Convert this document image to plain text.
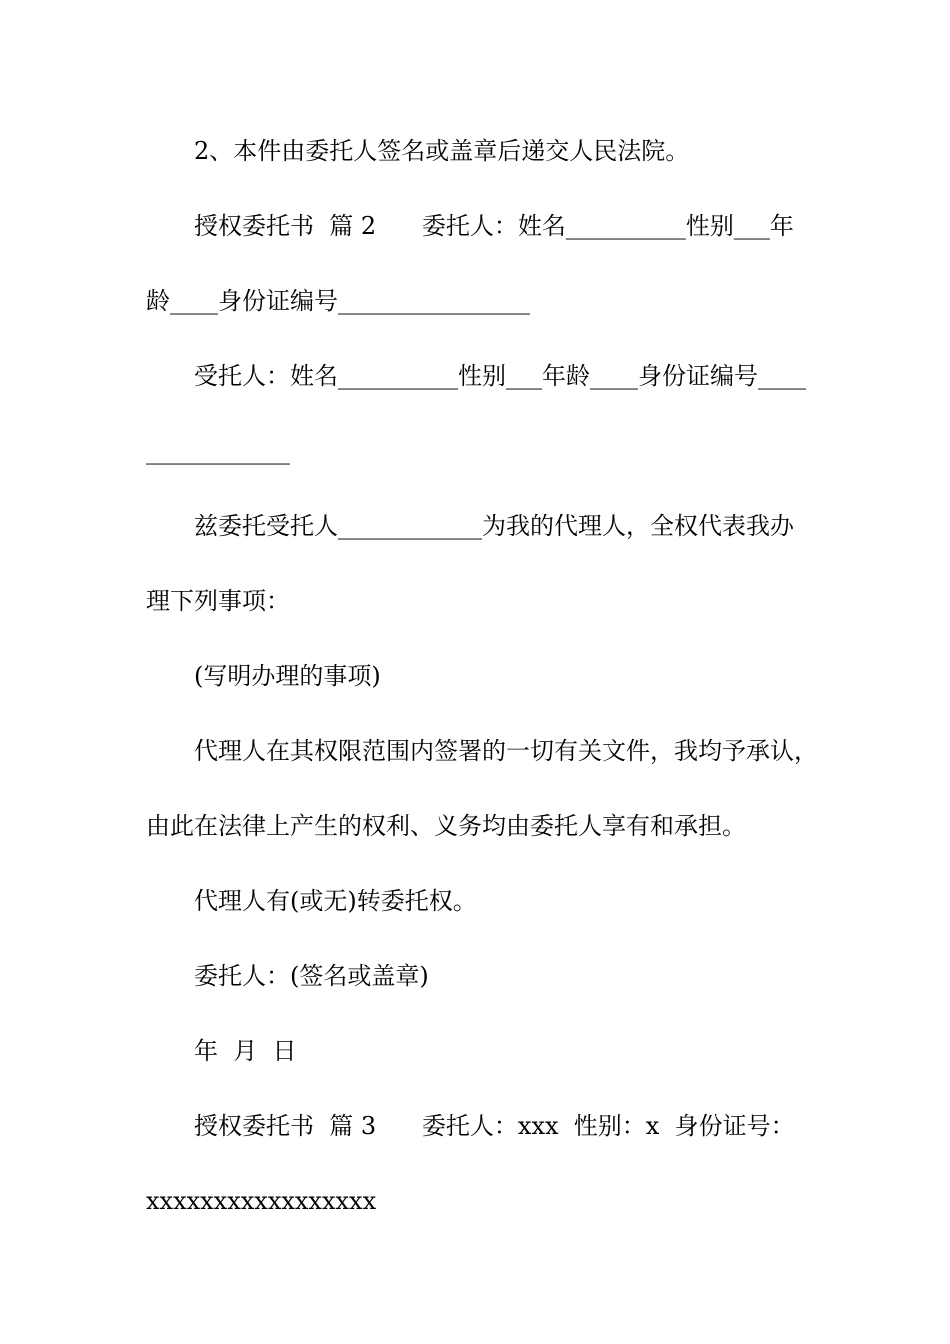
2、本件由委托人签名或盖章后递交人民法院。
授权委托书  篇 2      委托人：姓名__________性别___年
龄____身份证编号________________
受托人：姓名__________性别___年龄____身份证编号____
____________
兹委托受托人____________为我的代理人，全权代表我办
理下列事项：
(写明办理的事项)
代理人在其权限范围内签署的一切有关文件，我均予承认，
由此在法律上产生的权利、义务均由委托人享有和承担。
代理人有(或无)转委托权。
委托人：(签名或盖章)
年  月  日
授权委托书  篇 3      委托人：xxx  性别：x  身份证号：
xxxxxxxxxxxxxxxxx
